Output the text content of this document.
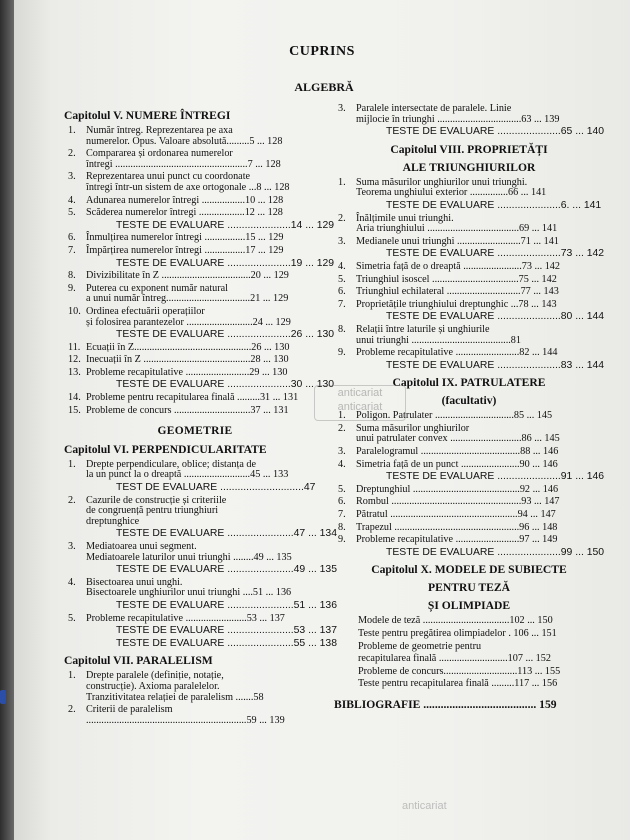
CUPRINS
ALGEBRĂ
Capitolul V. NUMERE ÎNTREGI
1.	Număr întreg. Reprezentarea pe axa
numerelor. Opus. Valoare absolută.........5 ... 128
2.	Compararea și ordonarea numerelor
întregi ....................................................7 ... 128
3.	Reprezentarea unui punct cu coordonate
întregi într-un sistem de axe ortogonale ...8 ... 128
4.	Adunarea numerelor întregi .................10 ... 128
5.	Scăderea numerelor întregi ..................12 ... 128
TESTE DE EVALUARE ......................14 ... 129
6.	Înmulțirea numerelor întregi ................15 ... 129
7.	Împărțirea numerelor întregi ................17 ... 129
TESTE DE EVALUARE ......................19 ... 129
8.	Divizibilitate în Z ...................................20 ... 129
9.	Puterea cu exponent număr natural
a unui număr întreg.................................21 ... 129
10. Ordinea efectuării operațiilor
și folosirea parantezelor ..........................24 ... 129
TESTE DE EVALUARE ......................26 ... 130
11. Ecuații în Z..............................................26 ... 130
12. Inecuații în Z ..........................................28 ... 130
13. Probleme recapitulative .........................29 ... 130
TESTE DE EVALUARE ......................30 ... 130
14. Probleme pentru recapitularea finală .........31 ... 131
15. Probleme de concurs ..............................37 ... 131
GEOMETRIE
Capitolul VI. PERPENDICULARITATE
1.	Drepte perpendiculare, oblice; distanța de
la un punct la o dreaptă ..........................45 ... 133
TEST DE EVALUARE .............................47
2.	Cazurile de construcție și criteriile
de congruență pentru triunghiuri
dreptunghice
TESTE DE EVALUARE .......................47 ... 134
3.	Mediatoarea unui segment.
Mediatoarele laturilor unui triunghi ........49 ... 135
TESTE DE EVALUARE .......................49 ... 135
4.	Bisectoarea unui unghi.
Bisectoarele unghiurilor unui triunghi ....51 ... 136
TESTE DE EVALUARE .......................51 ... 136
5.	Probleme recapitulative ........................53 ... 137
TESTE DE EVALUARE .......................53 ... 137
TESTE DE EVALUARE .......................55 ... 138
Capitolul VII. PARALELISM
1.	Drepte paralele (definiție, notație,
construcție). Axioma paralelelor.
Tranzitivitatea relației de paralelism .......58
2.	Criterii de paralelism
...............................................................59 ... 139
3.	Paralele intersectate de paralele. Linie
mijlocie în triunghi .................................63 ... 139
TESTE DE EVALUARE ......................65 ... 140
Capitolul VIII. PROPRIETĂȚI
ALE TRIUNGHIURILOR
1.	Suma măsurilor unghiurilor unui triunghi.
Teorema unghiului exterior ...............66 ... 141
TESTE DE EVALUARE ......................6. ... 141
2.	Înălțimile unui triunghi.
Aria triunghiului ....................................69 ... 141
3.	Medianele unui triunghi .........................71 ... 141
TESTE DE EVALUARE ......................73 ... 142
4.	Simetria față de o dreaptă .......................73 ... 142
5.	Triunghiul isoscel ..................................75 ... 142
6.	Triunghiul echilateral .............................77 ... 143
7.	Proprietățile triunghiului dreptunghic ...78 ... 143
TESTE DE EVALUARE ......................80 ... 144
8.	Relații între laturile și unghiurile
unui triunghi .......................................81
9.	Probleme recapitulative .........................82 ... 144
TESTE DE EVALUARE ......................83 ... 144
Capitolul IX. PATRULATERE
(facultativ)
1.	Poligon. Patrulater ...............................85 ... 145
2.	Suma măsurilor unghiurilor
unui patrulater convex ............................86 ... 145
3.	Paralelogramul .......................................88 ... 146
4.	Simetria față de un punct .......................90 ... 146
TESTE DE EVALUARE ......................91 ... 146
5.	Dreptunghiul ..........................................92 ... 146
6.	Rombul ...................................................93 ... 147
7.	Pătratul ..................................................94 ... 147
8.	Trapezul .................................................96 ... 148
9.	Probleme recapitulative .........................97 ... 149
TESTE DE EVALUARE ......................99 ... 150
Capitolul X. MODELE DE SUBIECTE
PENTRU TEZĂ
ȘI OLIMPIADE
Modele de teză ..................................102 ... 150
Teste pentru pregătirea olimpiadelor . 106 ... 151
Probleme de geometrie pentru
recapitularea finală ...........................107 ... 152
Probleme de concurs.............................113 ... 155
Teste pentru recapitularea finală .........117 ... 156
BIBLIOGRAFIE ....................................... 159
anticariat
anticariat
anticariat
